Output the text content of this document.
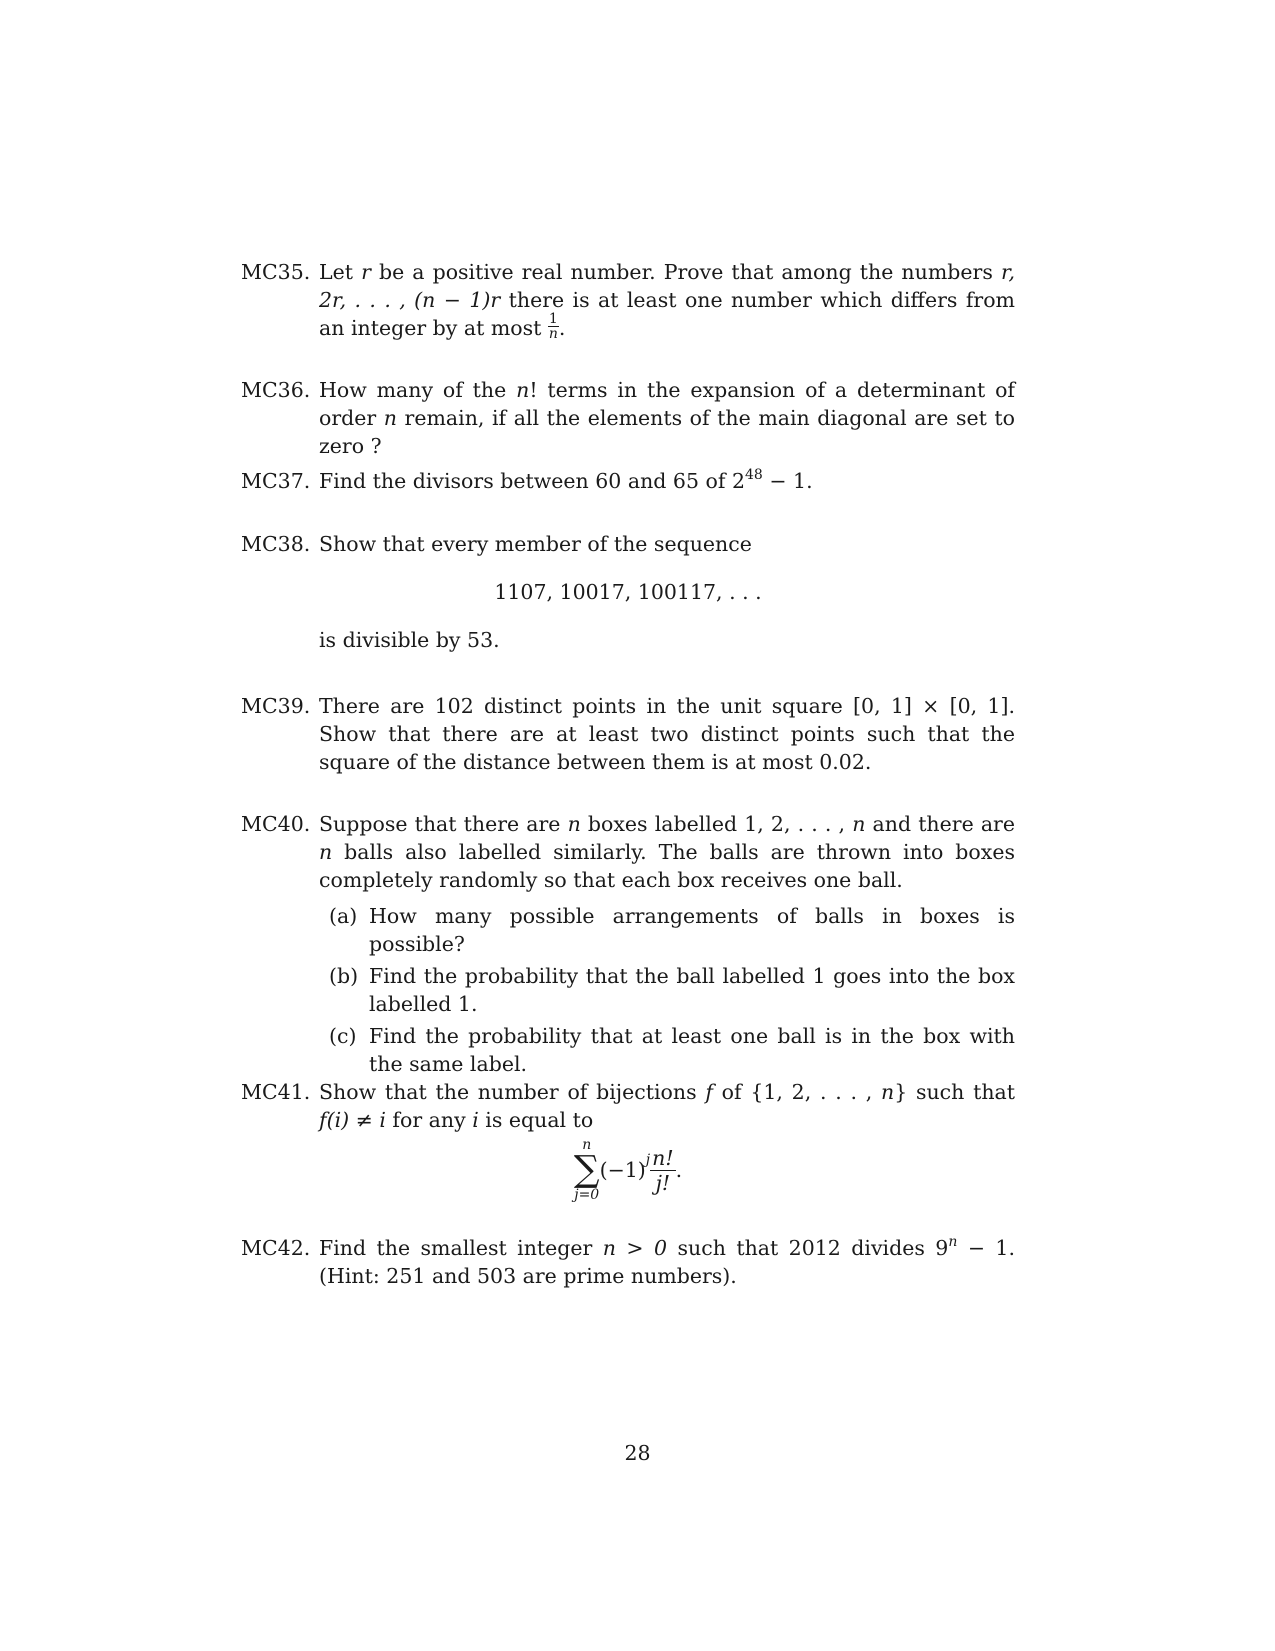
MC35. Let r be a positive real number. Prove that among the numbers r, 2r, . . . , (n − 1)r there is at least one number which differs from an integer by at most $\frac{1}{n}$ .
MC36. How many of the n! terms in the expansion of a determinant of order n remain, if all the elements of the main diagonal are set to zero ?
MC37. Find the divisors between 60 and 65 of $2^{48} - 1$.
MC38. Show that every member of the sequence

1107, 10017, 100117, . . .

is divisible by 53.

MC39. There are 102 distinct points in the unit square [0, 1] × [0, 1]. Show that there are at least two distinct points such that the square of the distance between them is at most 0.02.
MC40. Suppose that there are n boxes labelled 1, 2, . . . , n and there are n balls also labelled similarly. The balls are thrown into boxes completely randomly so that each box receives one ball.

(a) How many possible arrangements of balls in boxes is possible?
(b) Find the probability that the ball labelled 1 goes into the box labelled 1.
(c) Find the probability that at least one ball is in the box with the same label.
MC41. Show that the number of bijections f of {1, 2, . . . , n} such that f(i) ≠ i for any i is equal to

n
∑
j=0
$(-1)^j \frac{n!}{j!}$ .
MC42. Find the smallest integer n > 0 such that 2012 divides $9^n - 1$. (Hint: 251 and 503 are prime numbers).
28
